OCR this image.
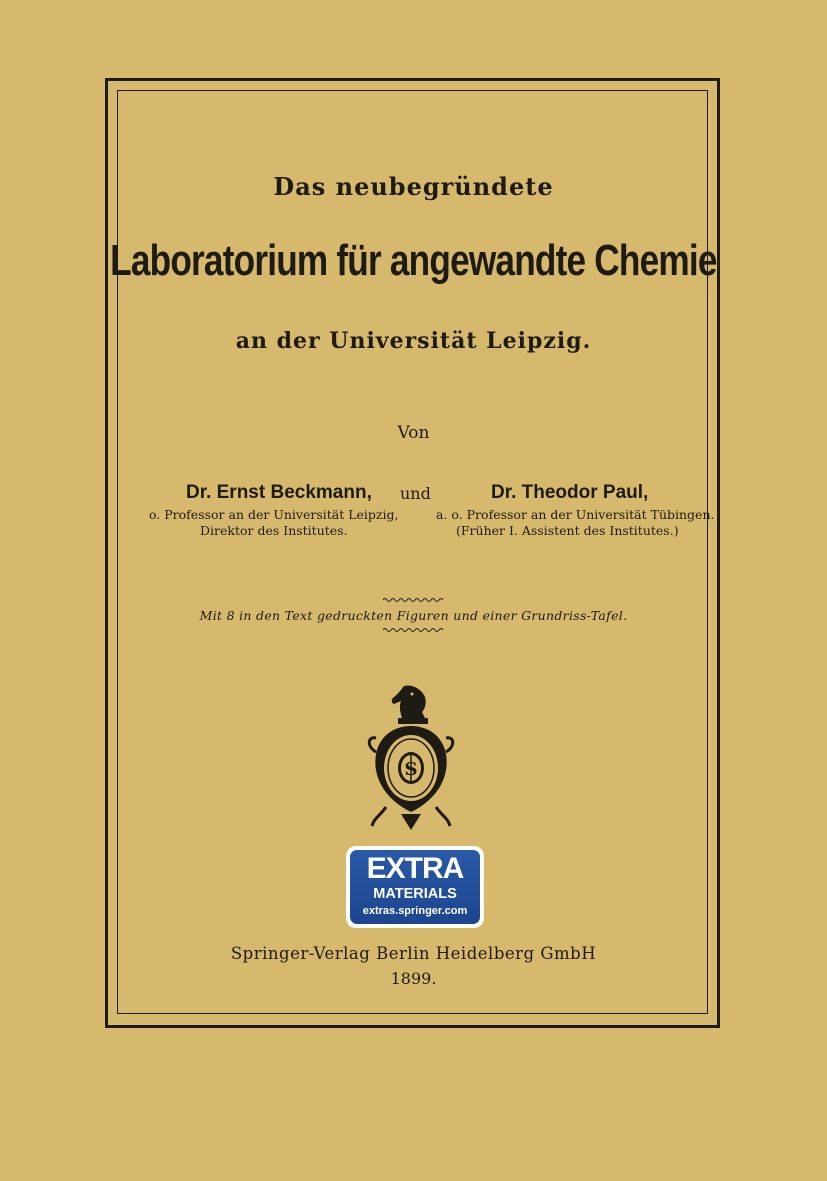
Das neubegründete
Laboratorium für angewandte Chemie
an der Universität Leipzig.
Von
Dr. Ernst Beckmann,
o. Professor an der Universität Leipzig,
Direktor des Institutes.
und	Dr. Theodor Paul,
a. o. Professor an der Universität Tübingen.
(Früher I. Assistent des Institutes.)
Mit 8 in den Text gedruckten Figuren und einer Grundriss-Tafel.
S
EXTRA
MATERIALS
extras.springer.com
Springer-Verlag Berlin Heidelberg GmbH
1899.
